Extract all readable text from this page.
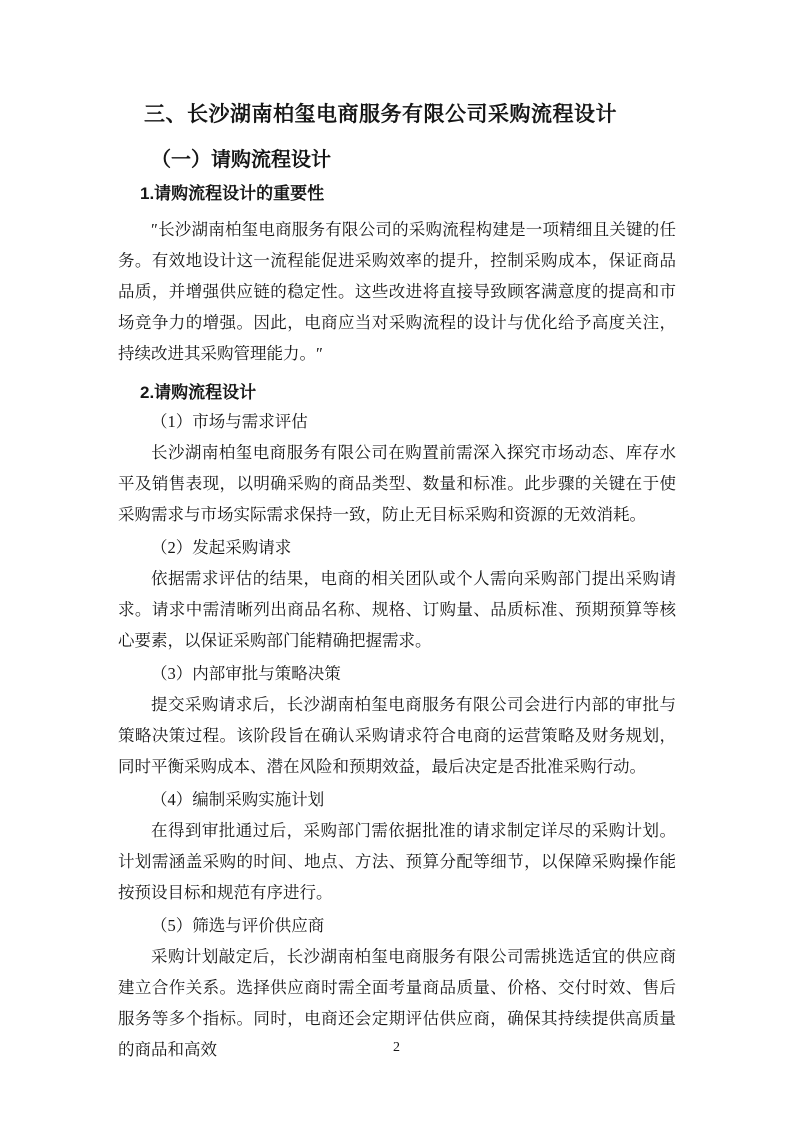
三、长沙湖南柏玺电商服务有限公司采购流程设计
（一）请购流程设计
1.请购流程设计的重要性

″长沙湖南柏玺电商服务有限公司的采购流程构建是一项精细且关键的任务。有效地设计这一流程能促进采购效率的提升，控制采购成本，保证商品品质，并增强供应链的稳定性。这些改进将直接导致顾客满意度的提高和市场竞争力的增强。因此，电商应当对采购流程的设计与优化给予高度关注，持续改进其采购管理能力。″

2.请购流程设计

（1）市场与需求评估

长沙湖南柏玺电商服务有限公司在购置前需深入探究市场动态、库存水平及销售表现，以明确采购的商品类型、数量和标准。此步骤的关键在于使采购需求与市场实际需求保持一致，防止无目标采购和资源的无效消耗。

（2）发起采购请求

依据需求评估的结果，电商的相关团队或个人需向采购部门提出采购请求。请求中需清晰列出商品名称、规格、订购量、品质标准、预期预算等核心要素，以保证采购部门能精确把握需求。

（3）内部审批与策略决策

提交采购请求后，长沙湖南柏玺电商服务有限公司会进行内部的审批与策略决策过程。该阶段旨在确认采购请求符合电商的运营策略及财务规划，同时平衡采购成本、潜在风险和预期效益，最后决定是否批准采购行动。

（4）编制采购实施计划

在得到审批通过后，采购部门需依据批准的请求制定详尽的采购计划。计划需涵盖采购的时间、地点、方法、预算分配等细节，以保障采购操作能按预设目标和规范有序进行。

（5）筛选与评价供应商

采购计划敲定后，长沙湖南柏玺电商服务有限公司需挑选适宜的供应商建立合作关系。选择供应商时需全面考量商品质量、价格、交付时效、售后服务等多个指标。同时，电商还会定期评估供应商，确保其持续提供高质量的商品和高效	2
